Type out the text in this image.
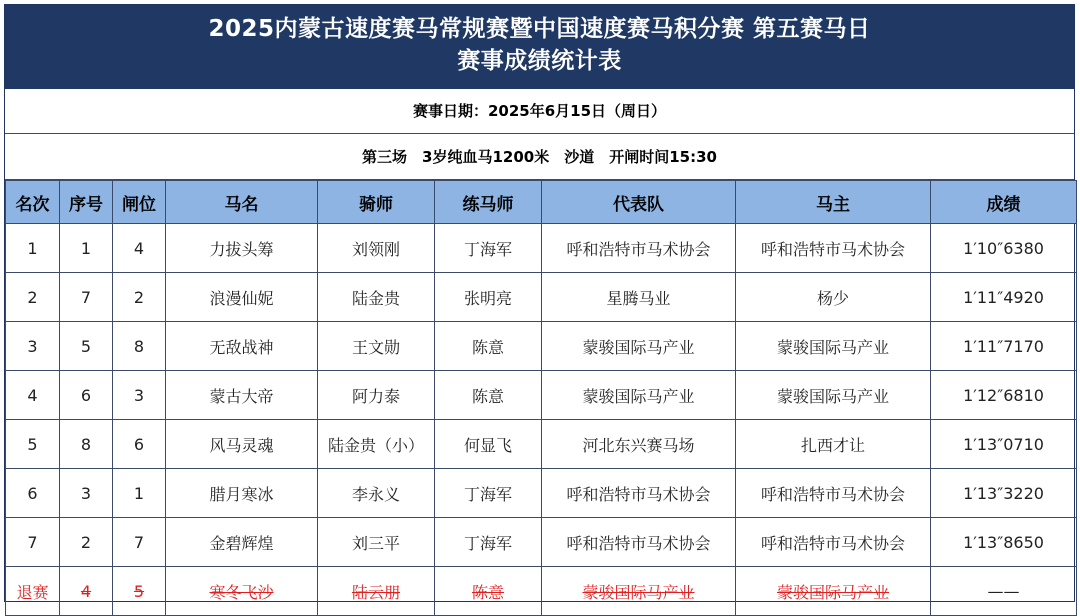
2025内蒙古速度赛马常规赛暨中国速度赛马积分赛 第五赛马日
赛事成绩统计表
赛事日期：2025年6月15日（周日）
第三场　3岁纯血马1200米　沙道　开闸时间15:30
名次	序号	闸位	马名	骑师	练马师	代表队	马主	成绩
1	1	4	力拔头筹	刘领刚	丁海军	呼和浩特市马术协会	呼和浩特市马术协会	1′10″6380
2	7	2	浪漫仙妮	陆金贵	张明亮	星腾马业	杨少	1′11″4920
3	5	8	无敌战神	王文勋	陈意	蒙骏国际马产业	蒙骏国际马产业	1′11″7170
4	6	3	蒙古大帝	阿力泰	陈意	蒙骏国际马产业	蒙骏国际马产业	1′12″6810
5	8	6	风马灵魂	陆金贵（小）	何显飞	河北东兴赛马场	扎西才让	1′13″0710
6	3	1	腊月寒冰	李永义	丁海军	呼和浩特市马术协会	呼和浩特市马术协会	1′13″3220
7	2	7	金碧辉煌	刘三平	丁海军	呼和浩特市马术协会	呼和浩特市马术协会	1′13″8650
退赛	4	5	寒冬飞沙	陆云朋	陈意	蒙骏国际马产业	蒙骏国际马产业	——
